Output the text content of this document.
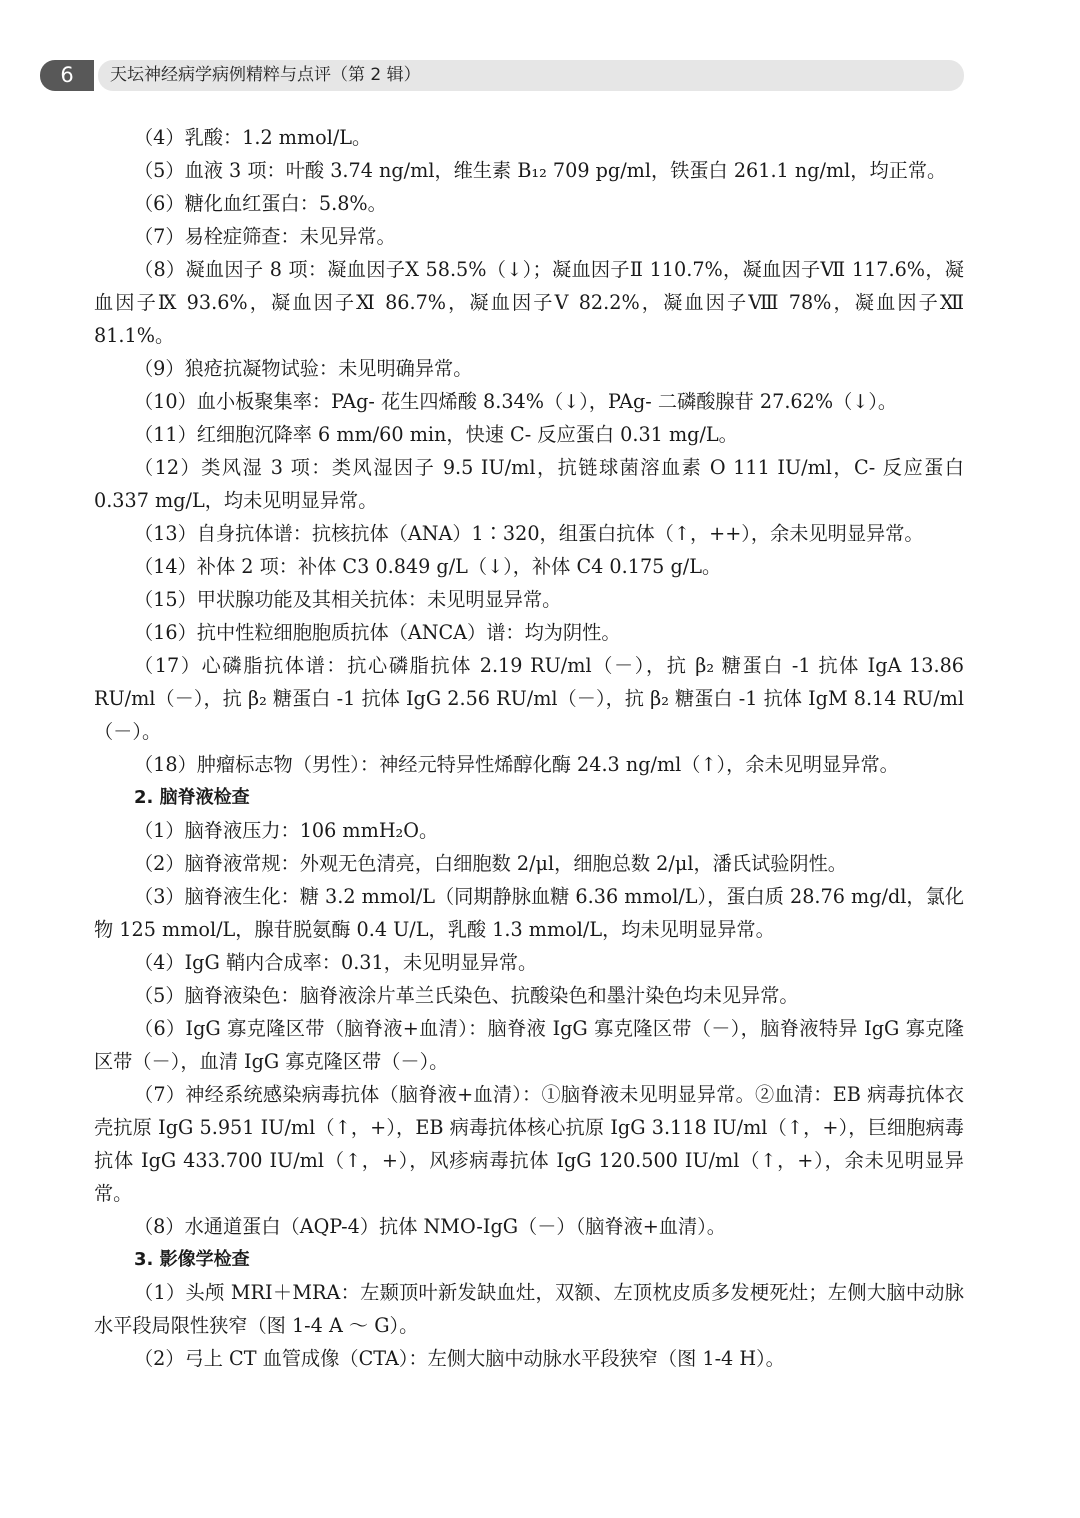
6	天坛神经病学病例精粹与点评（第 2 辑）

（4）乳酸：1.2 mmol/L。

（5）血液 3 项：叶酸 3.74 ng/ml，维生素 B₁₂ 709 pg/ml，铁蛋白 261.1 ng/ml，均正常。

（6）糖化血红蛋白：5.8%。

（7）易栓症筛查：未见异常。

（8）凝血因子 8 项：凝血因子Ⅹ 58.5%（↓）；凝血因子Ⅱ 110.7%，凝血因子Ⅶ 117.6%，凝血因子Ⅸ 93.6%，凝血因子Ⅺ 86.7%，凝血因子Ⅴ 82.2%，凝血因子Ⅷ 78%，凝血因子Ⅻ 81.1%。

（9）狼疮抗凝物试验：未见明确异常。

（10）血小板聚集率：PAg- 花生四烯酸 8.34%（↓），PAg- 二磷酸腺苷 27.62%（↓）。

（11）红细胞沉降率 6 mm/60 min，快速 C- 反应蛋白 0.31 mg/L。

（12）类风湿 3 项：类风湿因子 9.5 IU/ml，抗链球菌溶血素 O 111 IU/ml，C- 反应蛋白 0.337 mg/L，均未见明显异常。

（13）自身抗体谱：抗核抗体（ANA）1∶320，组蛋白抗体（↑，++），余未见明显异常。

（14）补体 2 项：补体 C3 0.849 g/L（↓），补体 C4 0.175 g/L。

（15）甲状腺功能及其相关抗体：未见明显异常。

（16）抗中性粒细胞胞质抗体（ANCA）谱：均为阴性。

（17）心磷脂抗体谱：抗心磷脂抗体 2.19 RU/ml（－），抗 β₂ 糖蛋白 -1 抗体 IgA 13.86 RU/ml（－），抗 β₂ 糖蛋白 -1 抗体 IgG 2.56 RU/ml（－），抗 β₂ 糖蛋白 -1 抗体 IgM 8.14 RU/ml（－）。

（18）肿瘤标志物（男性）：神经元特异性烯醇化酶 24.3 ng/ml（↑），余未见明显异常。

2. 脑脊液检查

（1）脑脊液压力：106 mmH₂O。

（2）脑脊液常规：外观无色清亮，白细胞数 2/μl，细胞总数 2/μl，潘氏试验阴性。

（3）脑脊液生化：糖 3.2 mmol/L（同期静脉血糖 6.36 mmol/L），蛋白质 28.76 mg/dl，氯化物 125 mmol/L，腺苷脱氨酶 0.4 U/L，乳酸 1.3 mmol/L，均未见明显异常。

（4）IgG 鞘内合成率：0.31，未见明显异常。

（5）脑脊液染色：脑脊液涂片革兰氏染色、抗酸染色和墨汁染色均未见异常。

（6）IgG 寡克隆区带（脑脊液+血清）：脑脊液 IgG 寡克隆区带（－），脑脊液特异 IgG 寡克隆区带（－），血清 IgG 寡克隆区带（－）。

（7）神经系统感染病毒抗体（脑脊液+血清）：①脑脊液未见明显异常。②血清：EB 病毒抗体衣壳抗原 IgG 5.951 IU/ml（↑，+），EB 病毒抗体核心抗原 IgG 3.118 IU/ml（↑，+），巨细胞病毒抗体 IgG 433.700 IU/ml（↑，+），风疹病毒抗体 IgG 120.500 IU/ml（↑，+），余未见明显异常。

（8）水通道蛋白（AQP-4）抗体 NMO-IgG（－）（脑脊液+血清）。

3. 影像学检查

（1）头颅 MRI＋MRA：左颞顶叶新发缺血灶，双额、左顶枕皮质多发梗死灶；左侧大脑中动脉水平段局限性狭窄（图 1-4 A ～ G）。

（2）弓上 CT 血管成像（CTA）：左侧大脑中动脉水平段狭窄（图 1-4 H）。
